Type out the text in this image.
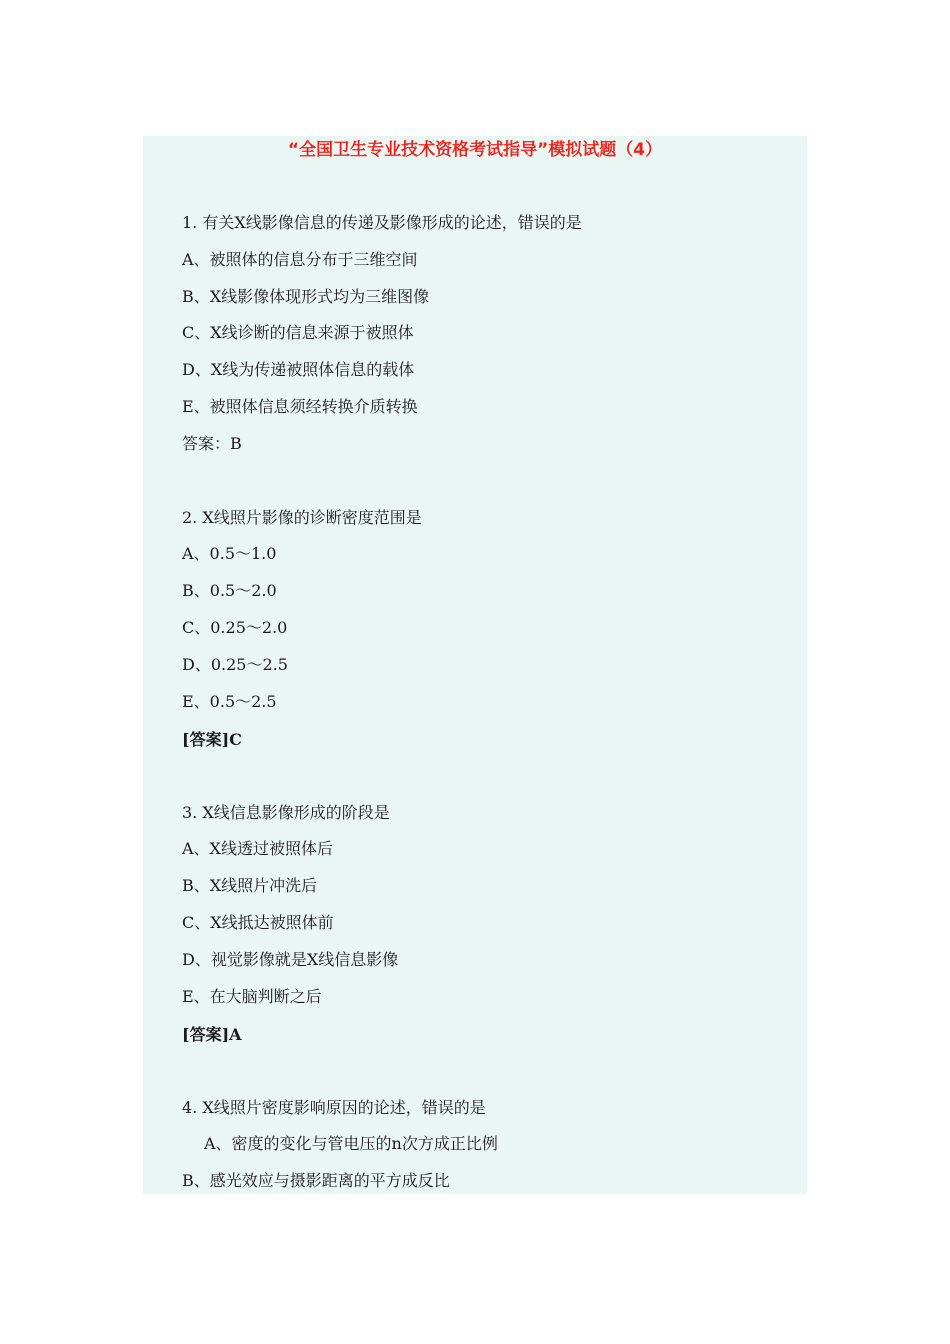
“全国卫生专业技术资格考试指导”模拟试题（4）
1. 有关X线影像信息的传递及影像形成的论述，错误的是
A、被照体的信息分布于三维空间
B、X线影像体现形式均为三维图像
C、X线诊断的信息来源于被照体
D、X线为传递被照体信息的载体
E、被照体信息须经转换介质转换
答案：B
2. X线照片影像的诊断密度范围是
A、0.5～1.0
B、0.5～2.0
C、0.25～2.0
D、0.25～2.5
E、0.5～2.5
[答案]C
3. X线信息影像形成的阶段是
A、X线透过被照体后
B、X线照片冲洗后
C、X线抵达被照体前
D、视觉影像就是X线信息影像
E、在大脑判断之后
[答案]A
4. X线照片密度影响原因的论述，错误的是
A、密度的变化与管电压的n次方成正比例
B、感光效应与摄影距离的平方成反比
